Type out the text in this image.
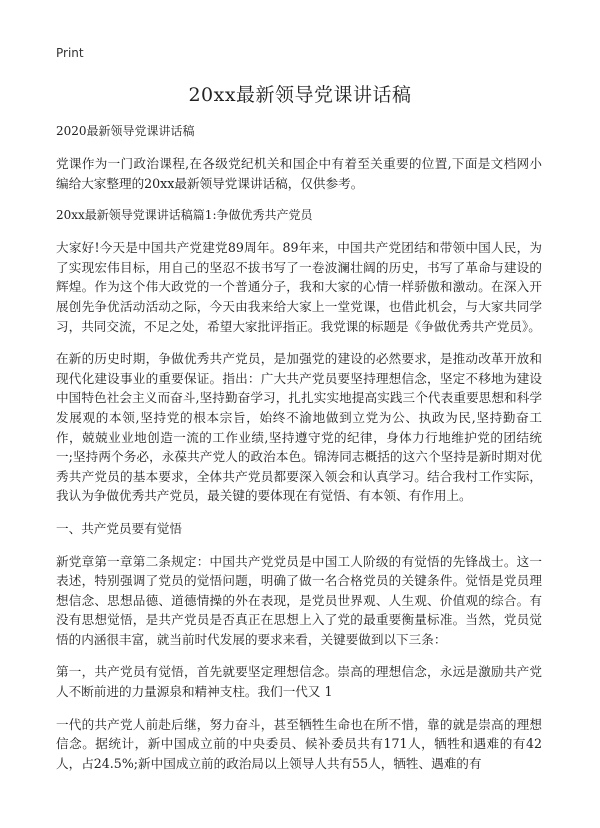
Print
20xx最新领导党课讲话稿

2020最新领导党课讲话稿

党课作为一门政治课程,在各级党纪机关和国企中有着至关重要的位置,下面是文档网小编给大家整理的20xx最新领导党课讲话稿，仅供参考。

20xx最新领导党课讲话稿篇1:争做优秀共产党员

大家好!今天是中国共产党建党89周年。89年来，中国共产党团结和带领中国人民，为了实现宏伟目标，用自己的坚忍不拔书写了一卷波澜壮阔的历史，书写了革命与建设的辉煌。作为这个伟大政党的一个普通分子，我和大家的心情一样骄傲和激动。在深入开展创先争优活动活动之际，今天由我来给大家上一堂党课，也借此机会，与大家共同学习，共同交流，不足之处，希望大家批评指正。我党课的标题是《争做优秀共产党员》。

在新的历史时期，争做优秀共产党员，是加强党的建设的必然要求，是推动改革开放和现代化建设事业的重要保证。指出：广大共产党员要坚持理想信念，坚定不移地为建设中国特色社会主义而奋斗,坚持勤奋学习，扎扎实实地提高实践三个代表重要思想和科学发展观的本领,坚持党的根本宗旨，始终不渝地做到立党为公、执政为民,坚持勤奋工作，兢兢业业地创造一流的工作业绩,坚持遵守党的纪律，身体力行地维护党的团结统一;坚持两个务必，永葆共产党人的政治本色。锦涛同志概括的这六个坚持是新时期对优秀共产党员的基本要求，全体共产党员都要深入领会和认真学习。结合我村工作实际，我认为争做优秀共产党员，最关键的要体现在有觉悟、有本领、有作用上。

一、共产党员要有觉悟

新党章第一章第二条规定：中国共产党党员是中国工人阶级的有觉悟的先锋战士。这一表述，特别强调了党员的觉悟问题，明确了做一名合格党员的关键条件。觉悟是党员理想信念、思想品德、道德情操的外在表现，是党员世界观、人生观、价值观的综合。有没有思想觉悟，是共产党员是否真正在思想上入了党的最重要衡量标准。当然，党员觉悟的内涵很丰富，就当前时代发展的要求来看，关键要做到以下三条：

第一，共产党员有觉悟，首先就要坚定理想信念。崇高的理想信念，永远是激励共产党人不断前进的力量源泉和精神支柱。我们一代又 1

一代的共产党人前赴后继，努力奋斗，甚至牺牲生命也在所不惜，靠的就是崇高的理想信念。据统计，新中国成立前的中央委员、候补委员共有171人，牺牲和遇难的有42人，占24.5%;新中国成立前的政治局以上领导人共有55人，牺牲、遇难的有
